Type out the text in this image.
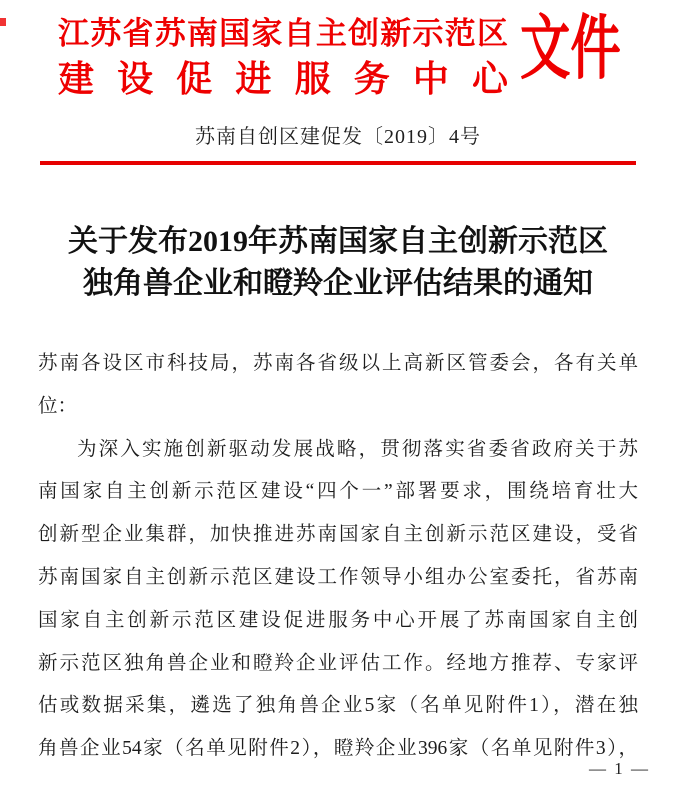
江苏省苏南国家自主创新示范区
建设促进服务中心 文件
苏南自创区建促发〔2019〕4号
关于发布2019年苏南国家自主创新示范区
独角兽企业和瞪羚企业评估结果的通知
苏南各设区市科技局，苏南各省级以上高新区管委会，各有关单
位：
为深入实施创新驱动发展战略，贯彻落实省委省政府关于苏
南国家自主创新示范区建设“四个一”部署要求，围绕培育壮大
创新型企业集群，加快推进苏南国家自主创新示范区建设，受省
苏南国家自主创新示范区建设工作领导小组办公室委托，省苏南
国家自主创新示范区建设促进服务中心开展了苏南国家自主创
新示范区独角兽企业和瞪羚企业评估工作。经地方推荐、专家评
估或数据采集，遴选了独角兽企业5家（名单见附件1），潜在独
角兽企业54家（名单见附件2），瞪羚企业396家（名单见附件3），
— 1 —
